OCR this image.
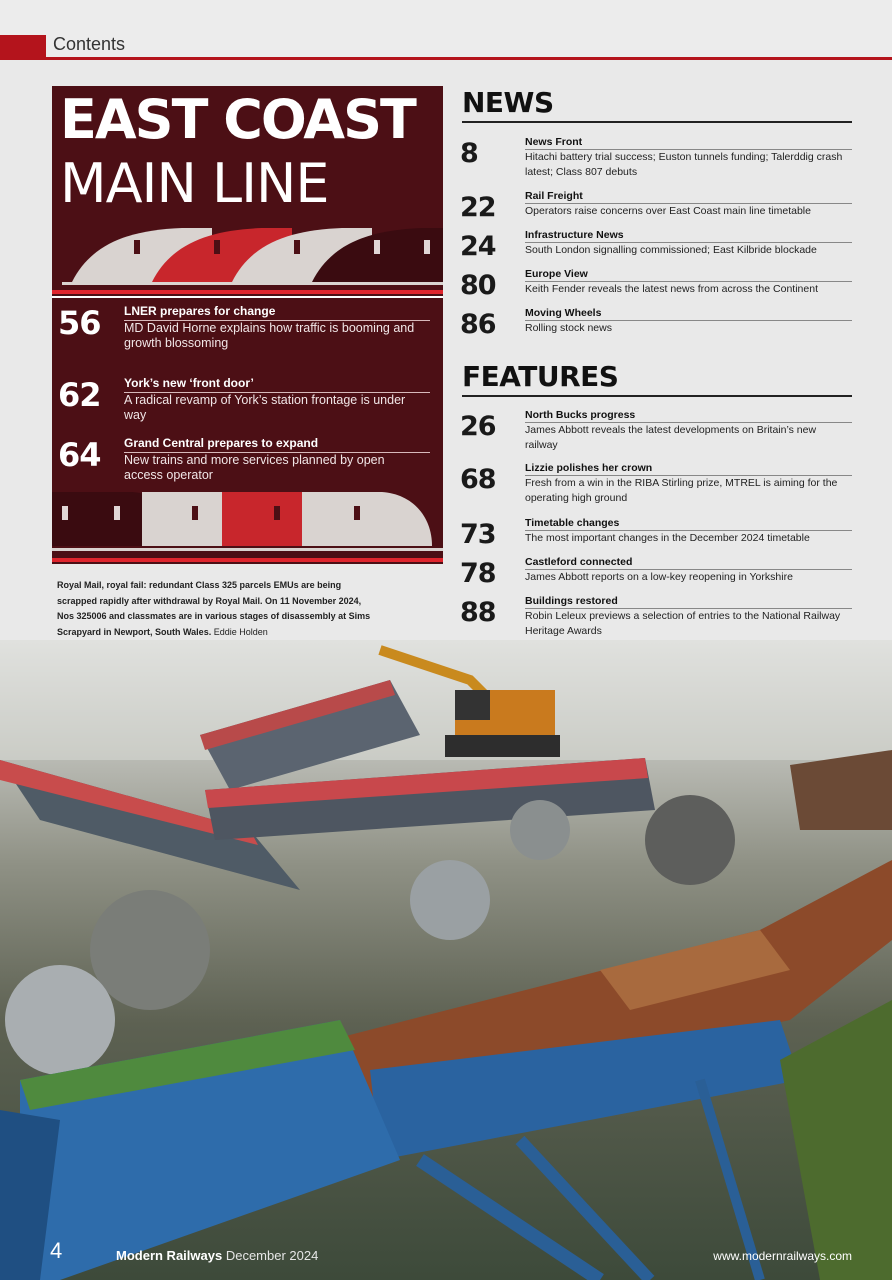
Contents
EAST COAST
MAIN LINE
56 LNER prepares for change
MD David Horne explains how traffic is booming and growth blossoming
62 York’s new ‘front door’
A radical revamp of York’s station frontage is under way
64 Grand Central prepares to expand
New trains and more services planned by open access operator
Royal Mail, royal fail: redundant Class 325 parcels EMUs are being scrapped rapidly after withdrawal by Royal Mail. On 11 November 2024, Nos 325006 and classmates are in various stages of disassembly at Sims Scrapyard in Newport, South Wales. Eddie Holden
NEWS
8	News Front
Hitachi battery trial success; Euston tunnels funding; Talerddig crash latest; Class 807 debuts
22	Rail Freight
Operators raise concerns over East Coast main line timetable
24	Infrastructure News
South London signalling commissioned; East Kilbride blockade
80	Europe View
Keith Fender reveals the latest news from across the Continent
86	Moving Wheels
Rolling stock news
FEATURES
26	North Bucks progress
James Abbott reveals the latest developments on Britain’s new railway
68	Lizzie polishes her crown
Fresh from a win in the RIBA Stirling prize, MTREL is aiming for the operating high ground
73	Timetable changes
The most important changes in the December 2024 timetable
78	Castleford connected
James Abbott reports on a low-key reopening in Yorkshire
88	Buildings restored
Robin Leleux previews a selection of entries to the National Railway Heritage Awards
4	Modern Railways December 2024	www.modernrailways.com
